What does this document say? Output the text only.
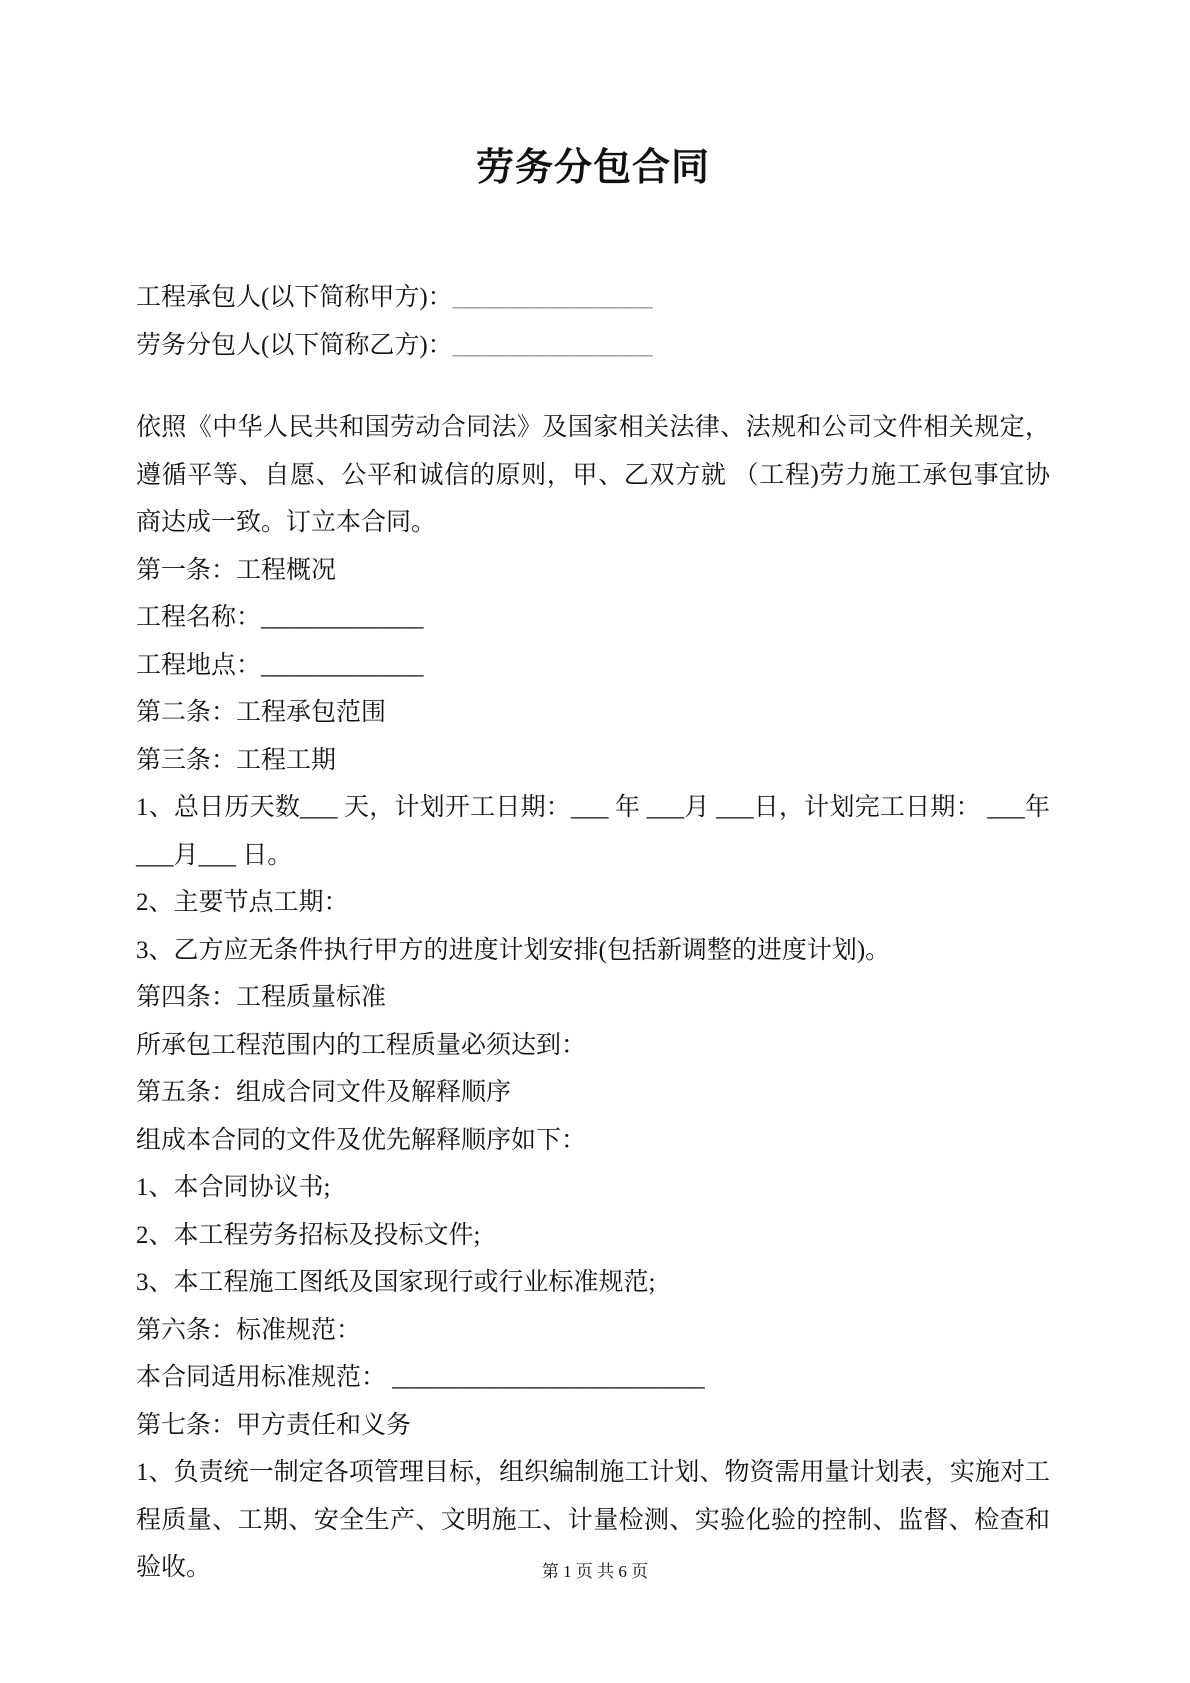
劳务分包合同

工程承包人(以下简称甲方)：________________

劳务分包人(以下简称乙方)：________________

依照《中华人民共和国劳动合同法》及国家相关法律、法规和公司文件相关规定，遵循平等、自愿、公平和诚信的原则，甲、乙双方就 （工程)劳力施工承包事宜协商达成一致。订立本合同。

第一条：工程概况

工程名称：_____________

工程地点：_____________

第二条：工程承包范围

第三条：工程工期

1、总日历天数___ 天，计划开工日期：___ 年 ___月 ___日，计划完工日期： ___年 ___月___ 日。

2、主要节点工期：

3、乙方应无条件执行甲方的进度计划安排(包括新调整的进度计划)。

第四条：工程质量标准

所承包工程范围内的工程质量必须达到：

第五条：组成合同文件及解释顺序

组成本合同的文件及优先解释顺序如下：

1、本合同协议书;

2、本工程劳务招标及投标文件;

3、本工程施工图纸及国家现行或行业标准规范;

第六条：标准规范：

本合同适用标准规范： _________________________

第七条：甲方责任和义务

1、负责统一制定各项管理目标，组织编制施工计划、物资需用量计划表，实施对工程质量、工期、安全生产、文明施工、计量检测、实验化验的控制、监督、检查和验收。	第 1 页 共 6 页
